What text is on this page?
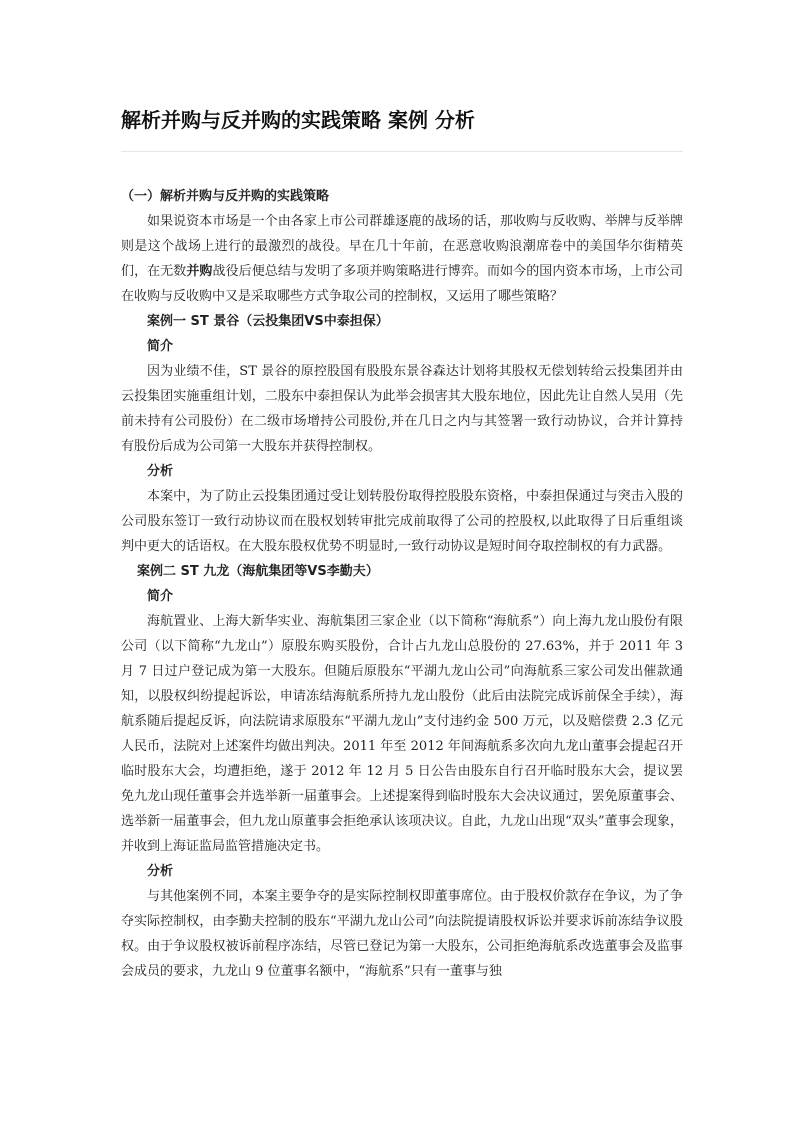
解析并购与反并购的实践策略 案例 分析

（一）解析并购与反并购的实践策略

如果说资本市场是一个由各家上市公司群雄逐鹿的战场的话，那收购与反收购、举牌与反举牌则是这个战场上进行的最激烈的战役。早在几十年前，在恶意收购浪潮席卷中的美国华尔街精英们，在无数并购战役后便总结与发明了多项并购策略进行博弈。而如今的国内资本市场，上市公司在收购与反收购中又是采取哪些方式争取公司的控制权，又运用了哪些策略？

案例一 ST 景谷（云投集团VS中泰担保）

简介

因为业绩不佳，ST 景谷的原控股国有股股东景谷森达计划将其股权无偿划转给云投集团并由云投集团实施重组计划，二股东中泰担保认为此举会损害其大股东地位，因此先让自然人吴用（先前未持有公司股份）在二级市场增持公司股份,并在几日之内与其签署一致行动协议，合并计算持有股份后成为公司第一大股东并获得控制权。

分析

本案中，为了防止云投集团通过受让划转股份取得控股股东资格，中泰担保通过与突击入股的公司股东签订一致行动协议而在股权划转审批完成前取得了公司的控股权,以此取得了日后重组谈判中更大的话语权。在大股东股权优势不明显时,一致行动协议是短时间夺取控制权的有力武器。

案例二 ST 九龙（海航集团等VS李勤夫）

简介

海航置业、上海大新华实业、海航集团三家企业（以下简称“海航系”）向上海九龙山股份有限公司（以下简称“九龙山”）原股东购买股份，合计占九龙山总股份的 27.63%，并于 2011 年 3 月 7 日过户登记成为第一大股东。但随后原股东“平湖九龙山公司”向海航系三家公司发出催款通知，以股权纠纷提起诉讼，申请冻结海航系所持九龙山股份（此后由法院完成诉前保全手续），海航系随后提起反诉，向法院请求原股东“平湖九龙山”支付违约金 500 万元，以及赔偿费 2.3 亿元人民币，法院对上述案件均做出判决。2011 年至 2012 年间海航系多次向九龙山董事会提起召开临时股东大会，均遭拒绝，遂于 2012 年 12 月 5 日公告由股东自行召开临时股东大会，提议罢免九龙山现任董事会并选举新一届董事会。上述提案得到临时股东大会决议通过，罢免原董事会、选举新一届董事会，但九龙山原董事会拒绝承认该项决议。自此，九龙山出现“双头”董事会现象，并收到上海证监局监管措施决定书。

分析

与其他案例不同，本案主要争夺的是实际控制权即董事席位。由于股权价款存在争议，为了争夺实际控制权，由李勤夫控制的股东“平湖九龙山公司”向法院提请股权诉讼并要求诉前冻结争议股权。由于争议股权被诉前程序冻结，尽管已登记为第一大股东，公司拒绝海航系改选董事会及监事会成员的要求，九龙山 9 位董事名额中，“海航系”只有一董事与独
